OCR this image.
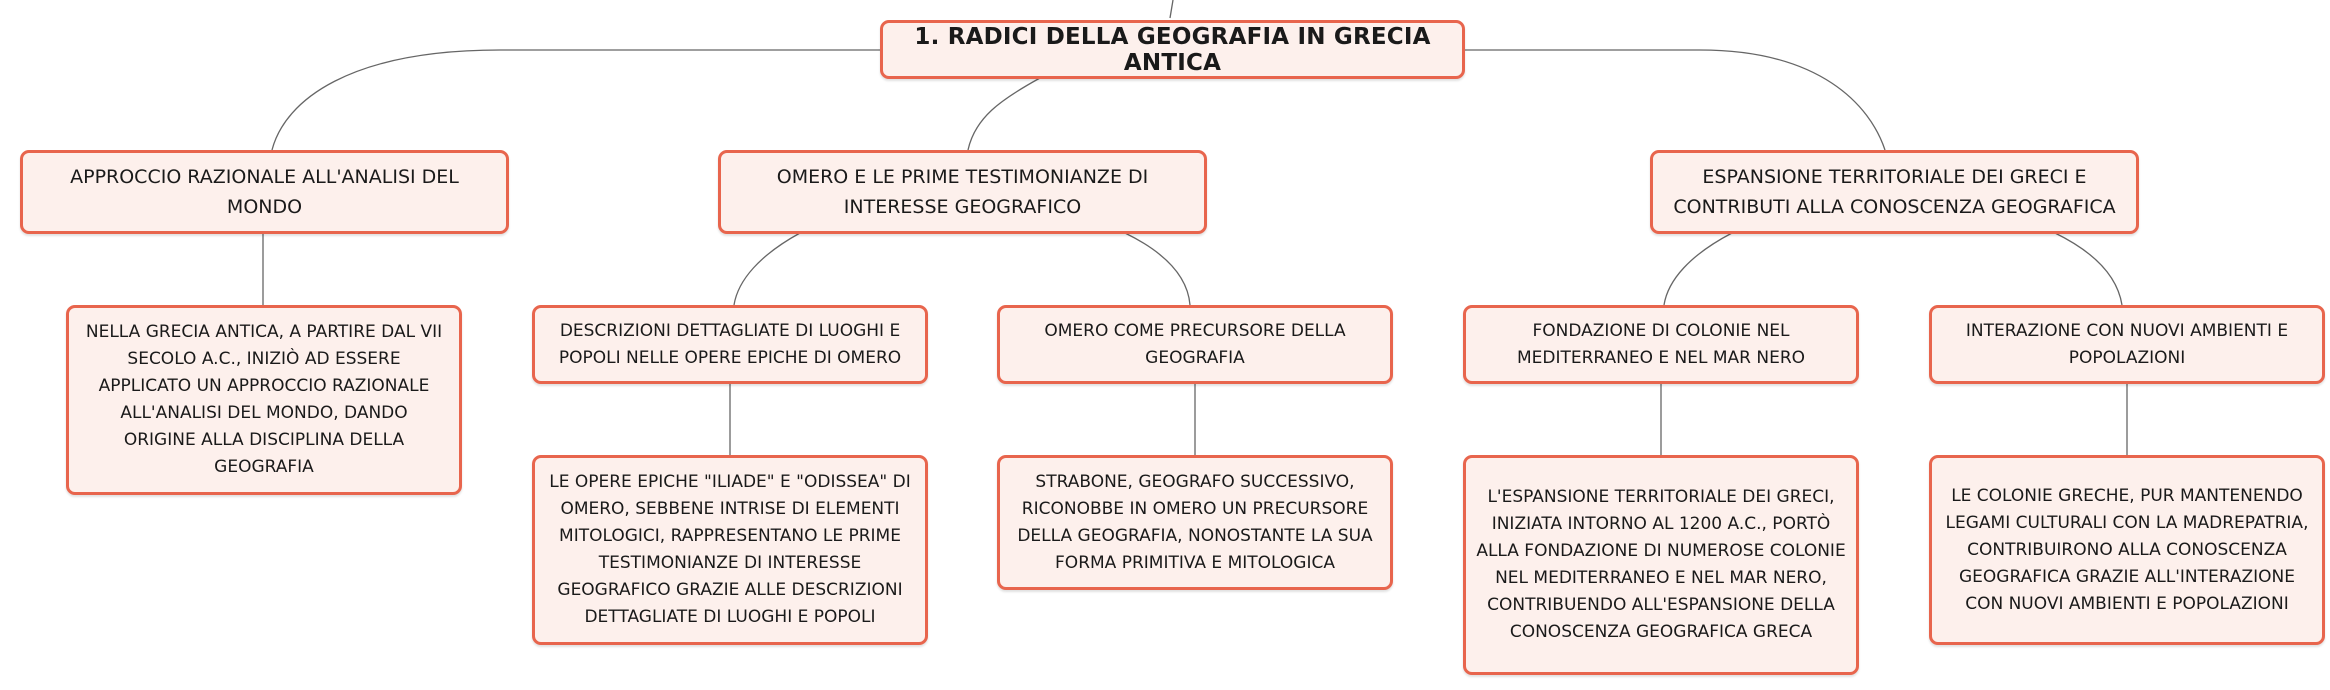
1. RADICI DELLA GEOGRAFIA IN GRECIA ANTICA
APPROCCIO RAZIONALE ALL'ANALISI DEL MONDO
OMERO E LE PRIME TESTIMONIANZE DI INTERESSE GEOGRAFICO
ESPANSIONE TERRITORIALE DEI GRECI E CONTRIBUTI ALLA CONOSCENZA GEOGRAFICA
NELLA GRECIA ANTICA, A PARTIRE DAL VII SECOLO A.C., INIZIÒ AD ESSERE APPLICATO UN APPROCCIO RAZIONALE ALL'ANALISI DEL MONDO, DANDO ORIGINE ALLA DISCIPLINA DELLA GEOGRAFIA
DESCRIZIONI DETTAGLIATE DI LUOGHI E POPOLI NELLE OPERE EPICHE DI OMERO
OMERO COME PRECURSORE DELLA GEOGRAFIA
FONDAZIONE DI COLONIE NEL MEDITERRANEO E NEL MAR NERO
INTERAZIONE CON NUOVI AMBIENTI E POPOLAZIONI
LE OPERE EPICHE "ILIADE" E "ODISSEA" DI OMERO, SEBBENE INTRISE DI ELEMENTI MITOLOGICI, RAPPRESENTANO LE PRIME TESTIMONIANZE DI INTERESSE GEOGRAFICO GRAZIE ALLE DESCRIZIONI DETTAGLIATE DI LUOGHI E POPOLI
STRABONE, GEOGRAFO SUCCESSIVO, RICONOBBE IN OMERO UN PRECURSORE DELLA GEOGRAFIA, NONOSTANTE LA SUA FORMA PRIMITIVA E MITOLOGICA
L'ESPANSIONE TERRITORIALE DEI GRECI, INIZIATA INTORNO AL 1200 A.C., PORTÒ ALLA FONDAZIONE DI NUMEROSE COLONIE NEL MEDITERRANEO E NEL MAR NERO, CONTRIBUENDO ALL'ESPANSIONE DELLA CONOSCENZA GEOGRAFICA GRECA
LE COLONIE GRECHE, PUR MANTENENDO LEGAMI CULTURALI CON LA MADREPATRIA, CONTRIBUIRONO ALLA CONOSCENZA GEOGRAFICA GRAZIE ALL'INTERAZIONE CON NUOVI AMBIENTI E POPOLAZIONI
